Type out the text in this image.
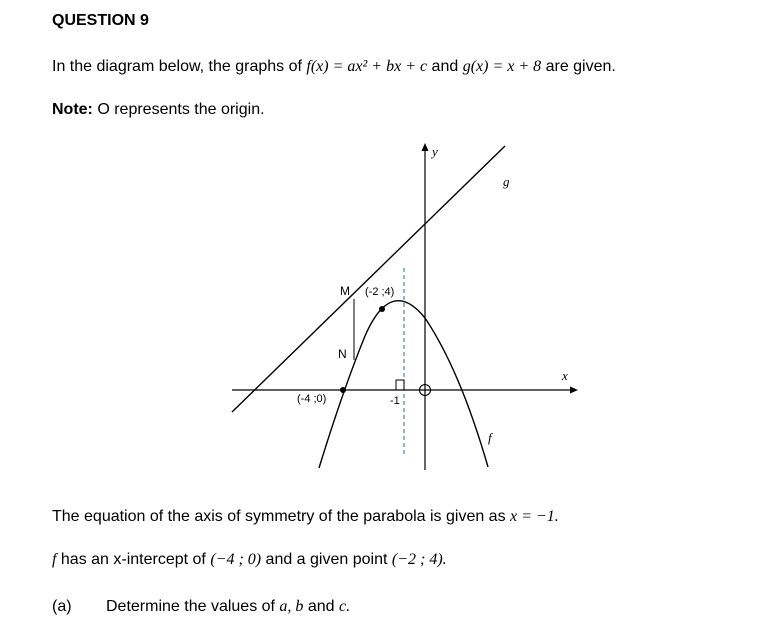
QUESTION 9
In the diagram below, the graphs of f(x) = ax² + bx + c and g(x) = x + 8 are given.
Note: O represents the origin.
x
y
g
f
-1
M
N
(-2 ;4)
(-4 ;0)
The equation of the axis of symmetry of the parabola is given as x = −1.
f has an x-intercept of (−4 ; 0) and a given point (−2 ; 4).
(a) Determine the values of a, b and c.
